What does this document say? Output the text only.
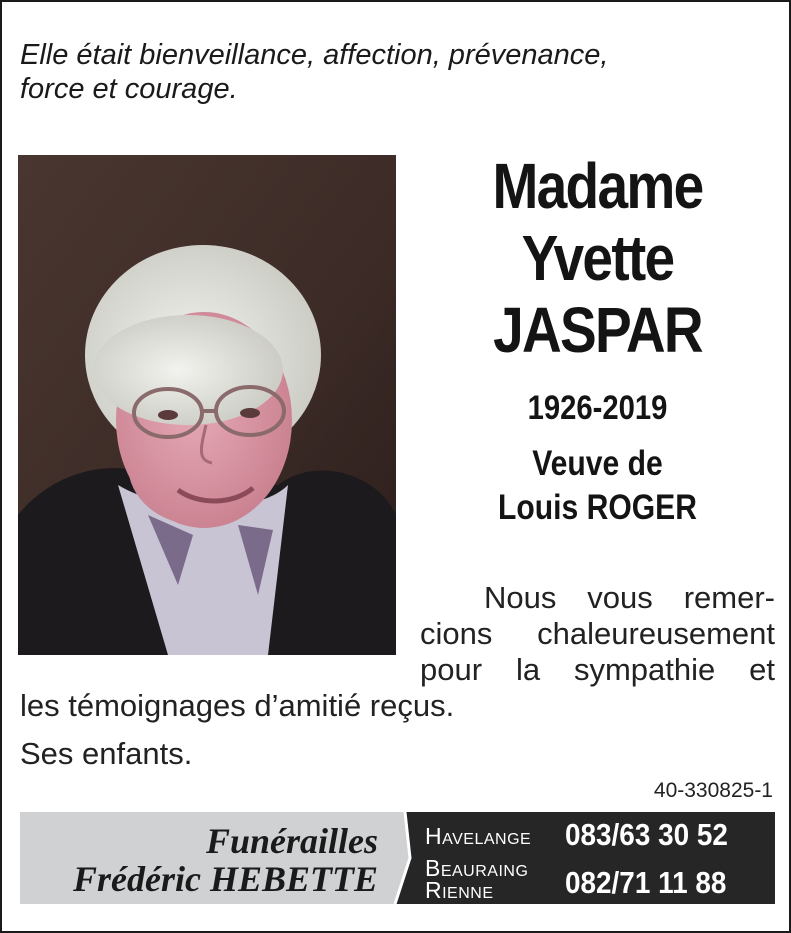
Elle était bienveillance, affection, prévenance,
force et courage.
Madame
Yvette
JASPAR
1926-2019
Veuve de
Louis ROGER
Nous vous remer-
cions chaleureusement
pour la sympathie et
les témoignages d’amitié reçus.
Ses enfants.
40-330825-1
Funérailles
Frédéric HEBETTE
Havelange 083/63 30 52
Beauraing
Rienne 082/71 11 88
